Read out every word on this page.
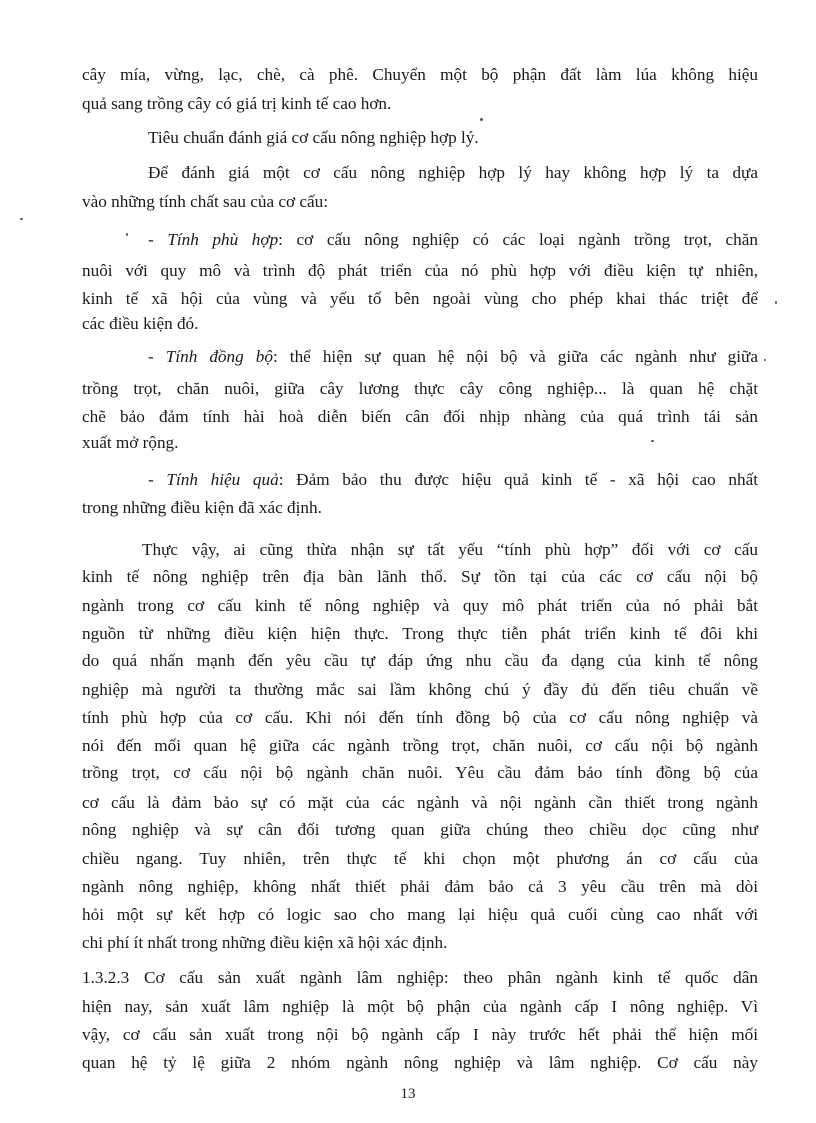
cây mía, vừng, lạc, chè, cà phê. Chuyển một bộ phận đất làm lúa không hiệu
quả sang trồng cây có giá trị kinh tế cao hơn.
Tiêu chuẩn đánh giá cơ cấu nông nghiệp hợp lý.
Để đánh giá một cơ cấu nông nghiệp hợp lý hay không hợp lý ta dựa
vào những tính chất sau của cơ cấu:
- Tính phù hợp: cơ cấu nông nghiệp có các loại ngành trồng trọt, chăn
nuôi với quy mô và trình độ phát triển của nó phù hợp với điều kiện tự nhiên,
kinh tế xã hội của vùng và yếu tố bên ngoài vùng cho phép khai thác triệt để
các điều kiện đó.
- Tính đồng bộ: thể hiện sự quan hệ nội bộ và giữa các ngành như giữa
trồng trọt, chăn nuôi, giữa cây lương thực cây công nghiệp... là quan hệ chặt
chẽ bảo đảm tính hài hoà diễn biến cân đối nhịp nhàng của quá trình tái sản
xuất mở rộng.
- Tính hiệu quả: Đảm bảo thu được hiệu quả kinh tế - xã hội cao nhất
trong những điều kiện đã xác định.
Thực vậy, ai cũng thừa nhận sự tất yếu “tính phù hợp” đối với cơ cấu
kinh tế nông nghiệp trên địa bàn lãnh thổ. Sự tồn tại của các cơ cấu nội bộ
ngành trong cơ cấu kinh tế nông nghiệp và quy mô phát triển của nó phải bắt
nguồn từ những điều kiện hiện thực. Trong thực tiễn phát triển kinh tế đôi khi
do quá nhấn mạnh đến yêu cầu tự đáp ứng nhu cầu đa dạng của kinh tế nông
nghiệp mà người ta thường mắc sai lầm không chú ý đầy đủ đến tiêu chuẩn về
tính phù hợp của cơ cấu. Khi nói đến tính đồng bộ của cơ cấu nông nghiệp và
nói đến mối quan hệ giữa các ngành trồng trọt, chăn nuôi, cơ cấu nội bộ ngành
trồng trọt, cơ cấu nội bộ ngành chăn nuôi. Yêu cầu đảm bảo tính đồng bộ của
cơ cấu là đảm bảo sự có mặt của các ngành và nội ngành cần thiết trong ngành
nông nghiệp và sự cân đối tương quan giữa chúng theo chiều dọc cũng như
chiều ngang. Tuy nhiên, trên thực tế khi chọn một phương án cơ cấu của
ngành nông nghiệp, không nhất thiết phải đảm bảo cả 3 yêu cầu trên mà dòi
hỏi một sự kết hợp có logic sao cho mang lại hiệu quả cuối cùng cao nhất với
chi phí ít nhất trong những điều kiện xã hội xác định.
1.3.2.3 Cơ cấu sản xuất ngành lâm nghiệp: theo phân ngành kinh tế quốc dân
hiện nay, sản xuất lâm nghiệp là một bộ phận của ngành cấp I nông nghiệp. Vì
vậy, cơ cấu sản xuất trong nội bộ ngành cấp I này trước hết phải thể hiện mối
quan hệ tỷ lệ giữa 2 nhóm ngành nông nghiệp và lâm nghiệp. Cơ cấu này
13
